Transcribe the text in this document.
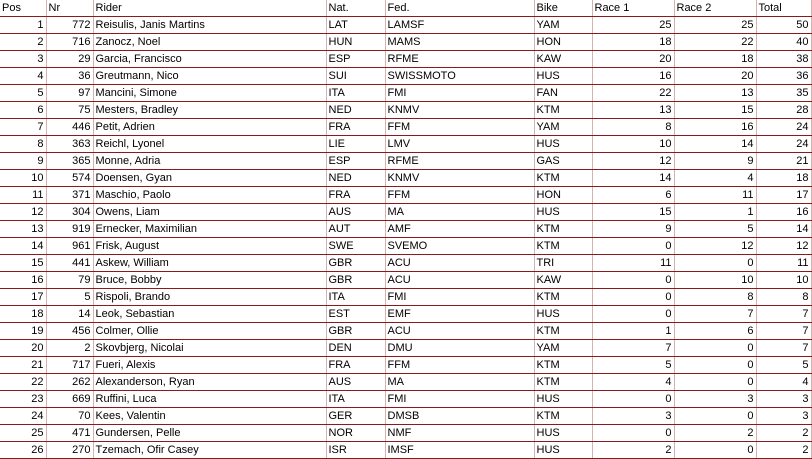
Pos	Nr	Rider	Nat.	Fed.	Bike	Race 1	Race 2	Total
1	772	Reisulis, Janis Martins	LAT	LAMSF	YAM	25	25	50
2	716	Zanocz, Noel	HUN	MAMS	HON	18	22	40
3	29	Garcia, Francisco	ESP	RFME	KAW	20	18	38
4	36	Greutmann, Nico	SUI	SWISSMOTO	HUS	16	20	36
5	97	Mancini, Simone	ITA	FMI	FAN	22	13	35
6	75	Mesters, Bradley	NED	KNMV	KTM	13	15	28
7	446	Petit, Adrien	FRA	FFM	YAM	8	16	24
8	363	Reichl, Lyonel	LIE	LMV	HUS	10	14	24
9	365	Monne, Adria	ESP	RFME	GAS	12	9	21
10	574	Doensen, Gyan	NED	KNMV	KTM	14	4	18
11	371	Maschio, Paolo	FRA	FFM	HON	6	11	17
12	304	Owens, Liam	AUS	MA	HUS	15	1	16
13	919	Ernecker, Maximilian	AUT	AMF	KTM	9	5	14
14	961	Frisk, August	SWE	SVEMO	KTM	0	12	12
15	441	Askew, William	GBR	ACU	TRI	11	0	11
16	79	Bruce, Bobby	GBR	ACU	KAW	0	10	10
17	5	Rispoli, Brando	ITA	FMI	KTM	0	8	8
18	14	Leok, Sebastian	EST	EMF	HUS	0	7	7
19	456	Colmer, Ollie	GBR	ACU	KTM	1	6	7
20	2	Skovbjerg, Nicolai	DEN	DMU	YAM	7	0	7
21	717	Fueri, Alexis	FRA	FFM	KTM	5	0	5
22	262	Alexanderson, Ryan	AUS	MA	KTM	4	0	4
23	669	Ruffini, Luca	ITA	FMI	HUS	0	3	3
24	70	Kees, Valentin	GER	DMSB	KTM	3	0	3
25	471	Gundersen, Pelle	NOR	NMF	HUS	0	2	2
26	270	Tzemach, Ofir Casey	ISR	IMSF	HUS	2	0	2
